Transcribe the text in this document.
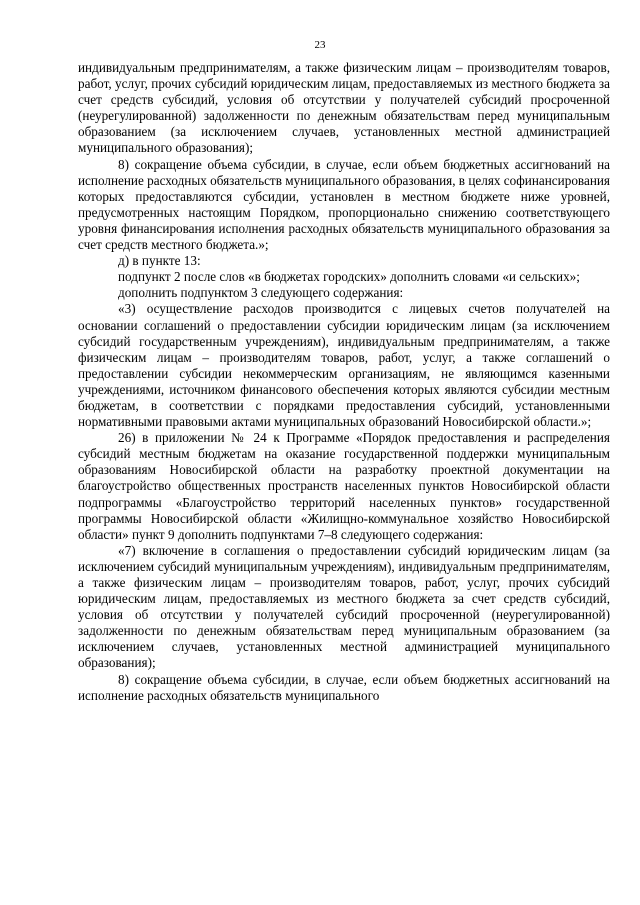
23

индивидуальным предпринимателям, а также физическим лицам – производителям товаров, работ, услуг, прочих субсидий юридическим лицам, предоставляемых из местного бюджета за счет средств субсидий, условия об отсутствии у получателей субсидий просроченной (неурегулированной) задолженности по денежным обязательствам перед муниципальным образованием (за исключением случаев, установленных местной администрацией муниципального образования);

8) сокращение объема субсидии, в случае, если объем бюджетных ассигнований на исполнение расходных обязательств муниципального образования, в целях софинансирования которых предоставляются субсидии, установлен в местном бюджете ниже уровней, предусмотренных настоящим Порядком, пропорционально снижению соответствующего уровня финансирования исполнения расходных обязательств муниципального образования за счет средств местного бюджета.»;

д) в пункте 13:

подпункт 2 после слов «в бюджетах городских» дополнить словами «и сельских»;

дополнить подпунктом 3 следующего содержания:

«3) осуществление расходов производится с лицевых счетов получателей на основании соглашений о предоставлении субсидии юридическим лицам (за исключением субсидий государственным учреждениям), индивидуальным предпринимателям, а также физическим лицам – производителям товаров, работ, услуг, а также соглашений о предоставлении субсидии некоммерческим организациям, не являющимся казенными учреждениями, источником финансового обеспечения которых являются субсидии местным бюджетам, в соответствии с порядками предоставления субсидий, установленными нормативными правовыми актами муниципальных образований Новосибирской области.»;

26) в приложении № 24 к Программе «Порядок предоставления и распределения субсидий местным бюджетам на оказание государственной поддержки муниципальным образованиям Новосибирской области на разработку проектной документации на благоустройство общественных пространств населенных пунктов Новосибирской области подпрограммы «Благоустройство территорий населенных пунктов» государственной программы Новосибирской области «Жилищно-коммунальное хозяйство Новосибирской области» пункт 9 дополнить подпунктами 7–8 следующего содержания:

«7) включение в соглашения о предоставлении субсидий юридическим лицам (за исключением субсидий муниципальным учреждениям), индивидуальным предпринимателям, а также физическим лицам – производителям товаров, работ, услуг, прочих субсидий юридическим лицам, предоставляемых из местного бюджета за счет средств субсидий, условия об отсутствии у получателей субсидий просроченной (неурегулированной) задолженности по денежным обязательствам перед муниципальным образованием (за исключением случаев, установленных местной администрацией муниципального образования);

8) сокращение объема субсидии, в случае, если объем бюджетных ассигнований на исполнение расходных обязательств муниципального
